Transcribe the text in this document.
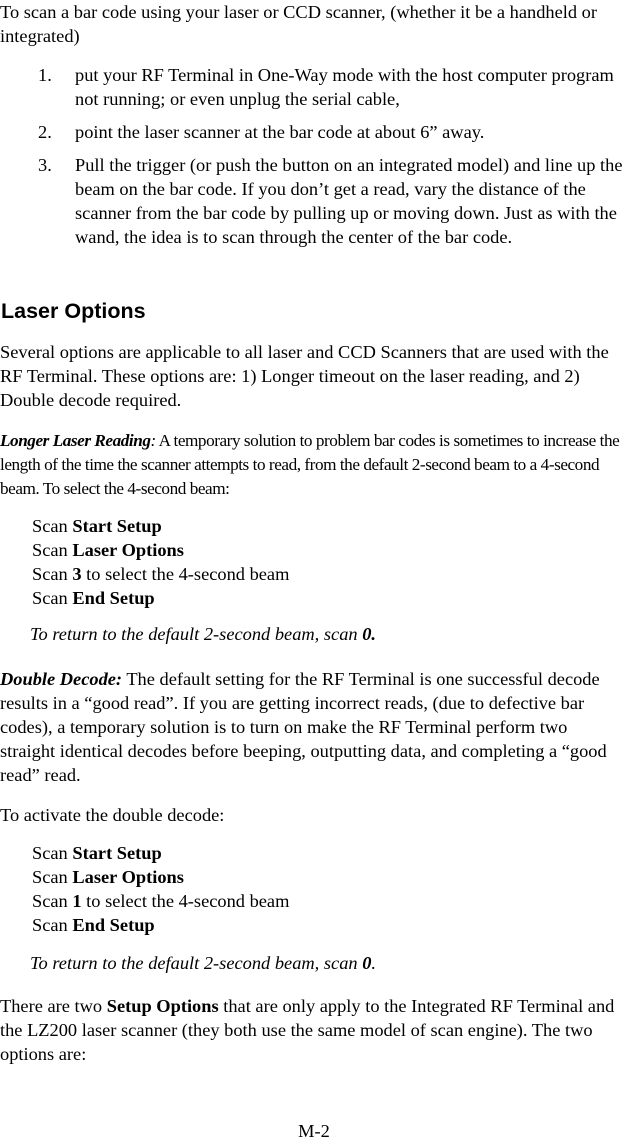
To scan a bar code using your laser or CCD scanner, (whether it be a handheld or integrated)

1.	put your RF Terminal in One-Way mode with the host computer program not running; or even unplug the serial cable,
2.	point the laser scanner at the bar code at about 6” away.
3.	Pull the trigger (or push the button on an integrated model) and line up the beam on the bar code. If you don’t get a read, vary the distance of the scanner from the bar code by pulling up or moving down. Just as with the wand, the idea is to scan through the center of the bar code.
Laser Options

Several options are applicable to all laser and CCD Scanners that are used with the RF Terminal. These options are: 1) Longer timeout on the laser reading, and 2) Double decode required.

Longer Laser Reading: A temporary solution to problem bar codes is sometimes to increase the length of the time the scanner attempts to read, from the default 2-second beam to a 4-second beam. To select the 4-second beam:

Scan Start Setup
Scan Laser Options
Scan 3 to select the 4-second beam
Scan End Setup

To return to the default 2-second beam, scan 0.

Double Decode: The default setting for the RF Terminal is one successful decode results in a “good read”. If you are getting incorrect reads, (due to defective bar codes), a temporary solution is to turn on make the RF Terminal perform two straight identical decodes before beeping, outputting data, and completing a “good read” read.

To activate the double decode:

Scan Start Setup
Scan Laser Options
Scan 1 to select the 4-second beam
Scan End Setup

To return to the default 2-second beam, scan 0.

There are two Setup Options that are only apply to the Integrated RF Terminal and the LZ200 laser scanner (they both use the same model of scan engine). The two options are:

M-2
